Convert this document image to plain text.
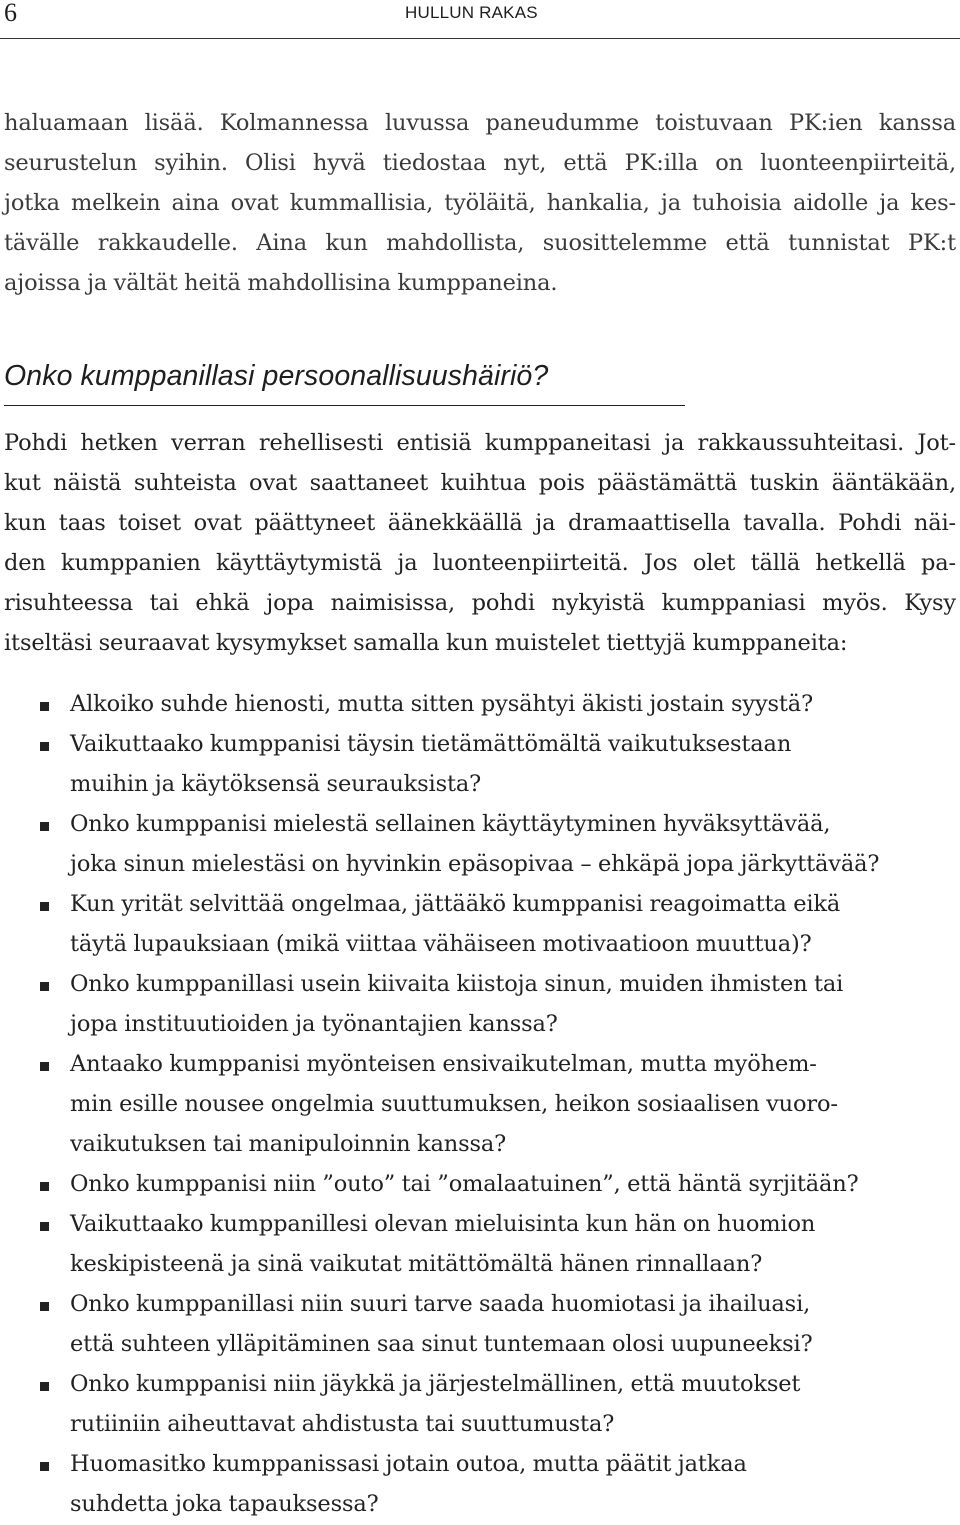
6	HULLUN RAKAS
haluamaan lisää. Kolmannessa luvussa paneudumme toistuvaan PK:ien kanssa
seurustelun syihin. Olisi hyvä tiedostaa nyt, että PK:illa on luonteenpiirteitä,
jotka melkein aina ovat kummallisia, työläitä, hankalia, ja tuhoisia aidolle ja kes-
tävälle rakkaudelle. Aina kun mahdollista, suosittelemme että tunnistat PK:t
ajoissa ja vältät heitä mahdollisina kumppaneina.
Onko kumppanillasi persoonallisuushäiriö?
Pohdi hetken verran rehellisesti entisiä kumppaneitasi ja rakkaussuhteitasi. Jot-
kut näistä suhteista ovat saattaneet kuihtua pois päästämättä tuskin ääntäkään,
kun taas toiset ovat päättyneet äänekkäällä ja dramaattisella tavalla. Pohdi näi-
den kumppanien käyttäytymistä ja luonteenpiirteitä. Jos olet tällä hetkellä pa-
risuhteessa tai ehkä jopa naimisissa, pohdi nykyistä kumppaniasi myös. Kysy
itseltäsi seuraavat kysymykset samalla kun muistelet tiettyjä kumppaneita:
Alkoiko suhde hienosti, mutta sitten pysähtyi äkisti jostain syystä?
Vaikuttaako kumppanisi täysin tietämättömältä vaikutuksestaan
muihin ja käytöksensä seurauksista?
Onko kumppanisi mielestä sellainen käyttäytyminen hyväksyttävää,
joka sinun mielestäsi on hyvinkin epäsopivaa – ehkäpä jopa järkyttävää?
Kun yrität selvittää ongelmaa, jättääkö kumppanisi reagoimatta eikä
täytä lupauksiaan (mikä viittaa vähäiseen motivaatioon muuttua)?
Onko kumppanillasi usein kiivaita kiistoja sinun, muiden ihmisten tai
jopa instituutioiden ja työnantajien kanssa?
Antaako kumppanisi myönteisen ensivaikutelman, mutta myöhem-
min esille nousee ongelmia suuttumuksen, heikon sosiaalisen vuoro-
vaikutuksen tai manipuloinnin kanssa?
Onko kumppanisi niin ”outo” tai ”omalaatuinen”, että häntä syrjitään?
Vaikuttaako kumppanillesi olevan mieluisinta kun hän on huomion
keskipisteenä ja sinä vaikutat mitättömältä hänen rinnallaan?
Onko kumppanillasi niin suuri tarve saada huomiotasi ja ihailuasi,
että suhteen ylläpitäminen saa sinut tuntemaan olosi uupuneeksi?
Onko kumppanisi niin jäykkä ja järjestelmällinen, että muutokset
rutiiniin aiheuttavat ahdistusta tai suuttumusta?
Huomasitko kumppanissasi jotain outoa, mutta päätit jatkaa
suhdetta joka tapauksessa?
